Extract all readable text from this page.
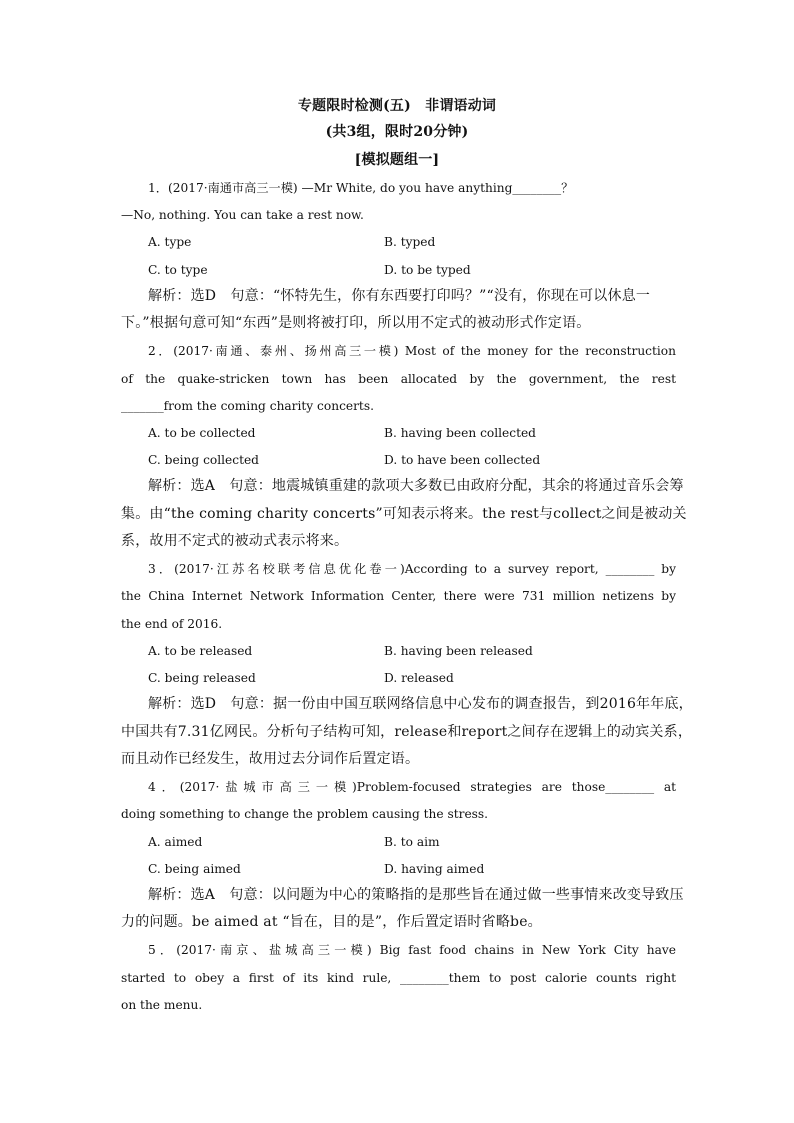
专题限时检测(五)　非谓语动词
(共3组，限时20分钟)
[模拟题组一]
1．(2017·南通市高三一模) —Mr White, do you have anything________？
—No, nothing. You can take a rest now.
A. type	B. typed
C. to type	D. to be typed
解析：选D　句意：“怀特先生，你有东西要打印吗？”“没有，你现在可以休息一
下。”根据句意可知“东西”是则将被打印，所以用不定式的被动形式作定语。
2．(2017·南通、泰州、扬州高三一模) Most of the money for the reconstruction
of the quake-stricken town has been allocated by the government, the rest
_______from the coming charity concerts.
A. to be collected	B. having been collected
C. being collected	D. to have been collected
解析：选A　句意：地震城镇重建的款项大多数已由政府分配，其余的将通过音乐会筹
集。由“the coming charity concerts”可知表示将来。the rest与collect之间是被动关
系，故用不定式的被动式表示将来。
3．(2017·江苏名校联考信息优化卷一)According to a survey report, ________ by
the China Internet Network Information Center, there were 731 million netizens by
the end of 2016.
A. to be released	B. having been released
C. being released	D. released
解析：选D　句意：据一份由中国互联网络信息中心发布的调查报告，到2016年年底，
中国共有7.31亿网民。分析句子结构可知，release和report之间存在逻辑上的动宾关系，
而且动作已经发生，故用过去分词作后置定语。
4．(2017·盐城市高三一模)Problem-focused strategies are those________ at
doing something to change the problem causing the stress.
A. aimed	B. to aim
C. being aimed	D. having aimed
解析：选A　句意：以问题为中心的策略指的是那些旨在通过做一些事情来改变导致压
力的问题。be aimed at “旨在，目的是”，作后置定语时省略be。
5．(2017·南京、盐城高三一模) Big fast food chains in New York City have
started to obey a first of its kind rule, ________them to post calorie counts right
on the menu.
